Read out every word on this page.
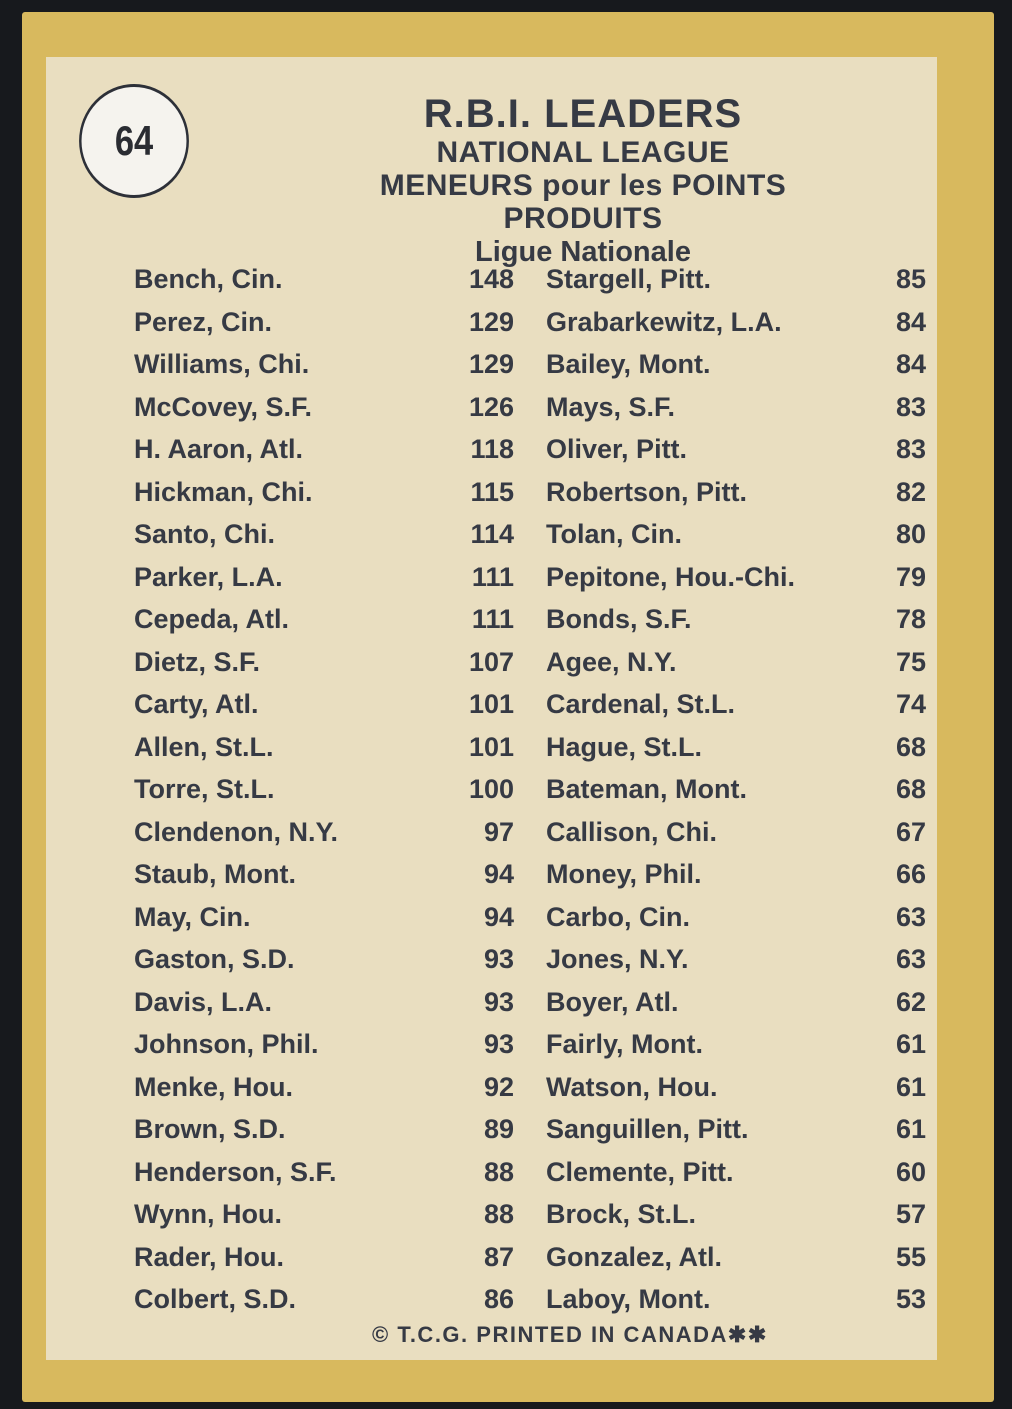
64
R.B.I. LEADERS
NATIONAL LEAGUE
MENEURS pour les POINTS
PRODUITS
Ligue Nationale
Bench, Cin.	148 Stargell, Pitt.	85
Perez, Cin.	129 Grabarkewitz, L.A.	84
Williams, Chi.	129 Bailey, Mont.	84
McCovey, S.F.	126 Mays, S.F.	83
H. Aaron, Atl.	118 Oliver, Pitt.	83
Hickman, Chi.	115 Robertson, Pitt.	82
Santo, Chi.	114 Tolan, Cin.	80
Parker, L.A.	111 Pepitone, Hou.-Chi.	79
Cepeda, Atl.	111 Bonds, S.F.	78
Dietz, S.F.	107 Agee, N.Y.	75
Carty, Atl.	101 Cardenal, St.L.	74
Allen, St.L.	101 Hague, St.L.	68
Torre, St.L.	100 Bateman, Mont.	68
Clendenon, N.Y.	97 Callison, Chi.	67
Staub, Mont.	94 Money, Phil.	66
May, Cin.	94 Carbo, Cin.	63
Gaston, S.D.	93 Jones, N.Y.	63
Davis, L.A.	93 Boyer, Atl.	62
Johnson, Phil.	93 Fairly, Mont.	61
Menke, Hou.	92 Watson, Hou.	61
Brown, S.D.	89 Sanguillen, Pitt.	61
Henderson, S.F.	88 Clemente, Pitt.	60
Wynn, Hou.	88 Brock, St.L.	57
Rader, Hou.	87 Gonzalez, Atl.	55
Colbert, S.D.	86 Laboy, Mont.	53
© T.C.G. PRINTED IN CANADA✱✱
